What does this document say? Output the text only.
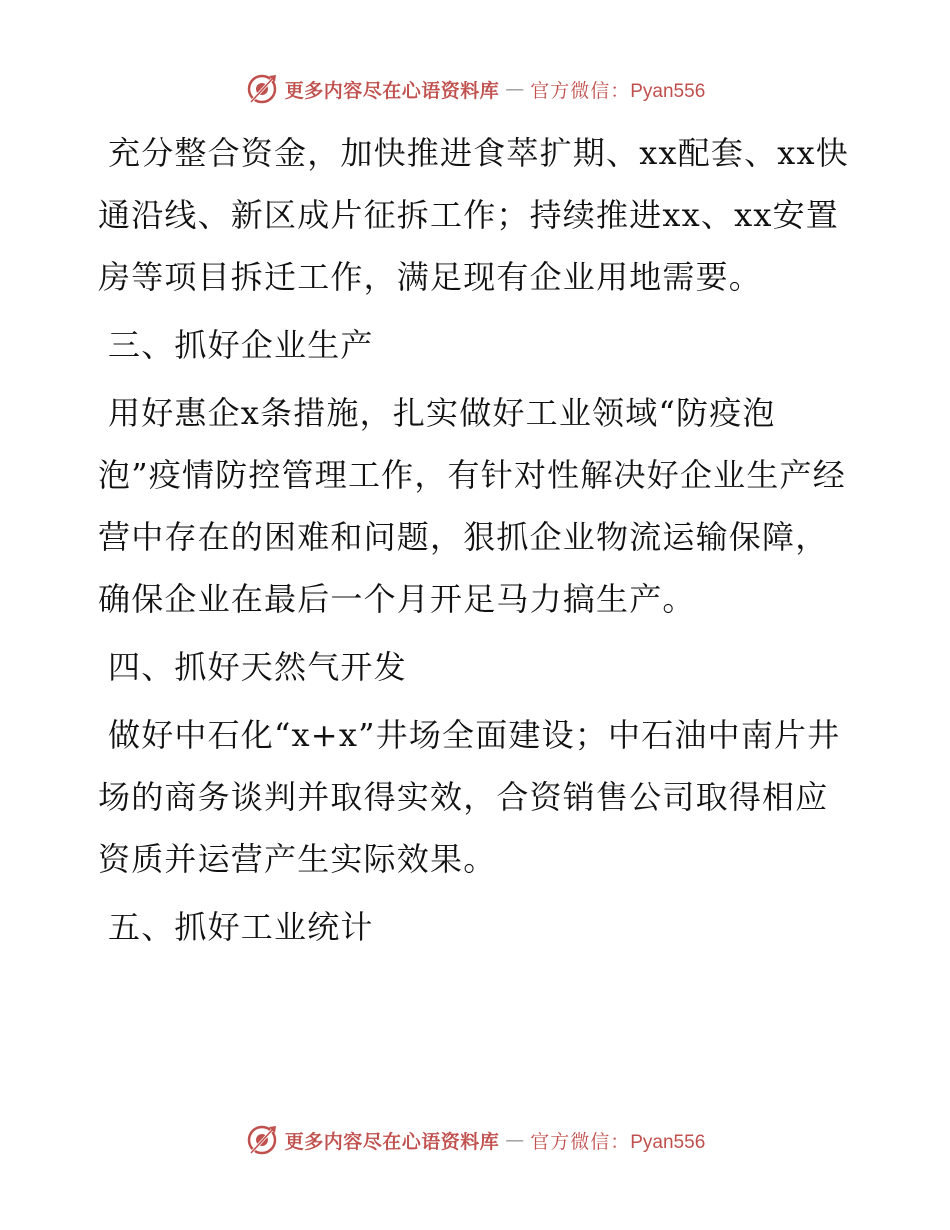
更多内容尽在心语资料库 — 官方微信：Pyan556

充分整合资金，加快推进食萃扩期、xx配套、xx快通沿线、新区成片征拆工作；持续推进xx、xx安置房等项目拆迁工作，满足现有企业用地需要。

三、抓好企业生产

用好惠企x条措施，扎实做好工业领域“防疫泡泡”疫情防控管理工作，有针对性解决好企业生产经营中存在的困难和问题，狠抓企业物流运输保障，确保企业在最后一个月开足马力搞生产。

四、抓好天然气开发

做好中石化“x+x”井场全面建设；中石油中南片井场的商务谈判并取得实效，合资销售公司取得相应资质并运营产生实际效果。

五、抓好工业统计

更多内容尽在心语资料库 — 官方微信：Pyan556
